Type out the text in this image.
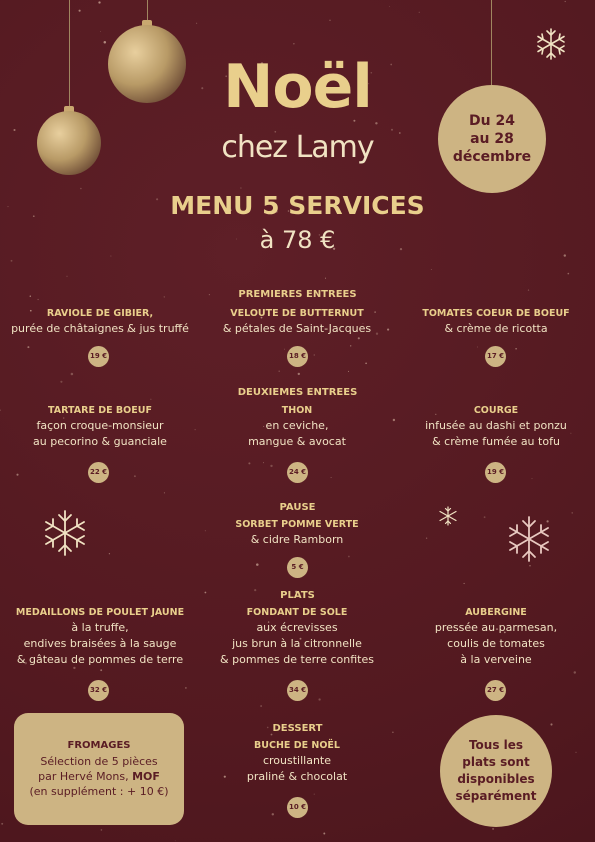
Noël
chez Lamy
Du 24
au 28
décembre
MENU 5 SERVICES
à 78 €
PREMIERES ENTREES
RAVIOLE DE GIBIER,
purée de châtaignes & jus truffé
19 €
VELOUTE DE BUTTERNUT
& pétales de Saint-Jacques
18 €
TOMATES COEUR DE BOEUF
& crème de ricotta
17 €
DEUXIEMES ENTREES
TARTARE DE BOEUF
façon croque-monsieur
au pecorino & guanciale
22 €
THON
en ceviche,
mangue & avocat
24 €
COURGE
infusée au dashi et ponzu
& crème fumée au tofu
19 €
PAUSE
SORBET POMME VERTE
& cidre Ramborn
5 €
PLATS
MEDAILLONS DE POULET JAUNE
à la truffe,
endives braisées à la sauge
& gâteau de pommes de terre
32 €
FONDANT DE SOLE
aux écrevisses
jus brun à la citronnelle
& pommes de terre confites
34 €
AUBERGINE
pressée au parmesan,
coulis de tomates
à la verveine
27 €
DESSERT
BUCHE DE NOËL
croustillante
praliné & chocolat
10 €
FROMAGES
Sélection de 5 pièces
par Hervé Mons, MOF
(en supplément : + 10 €)
Tous les
plats sont
disponibles
séparément
